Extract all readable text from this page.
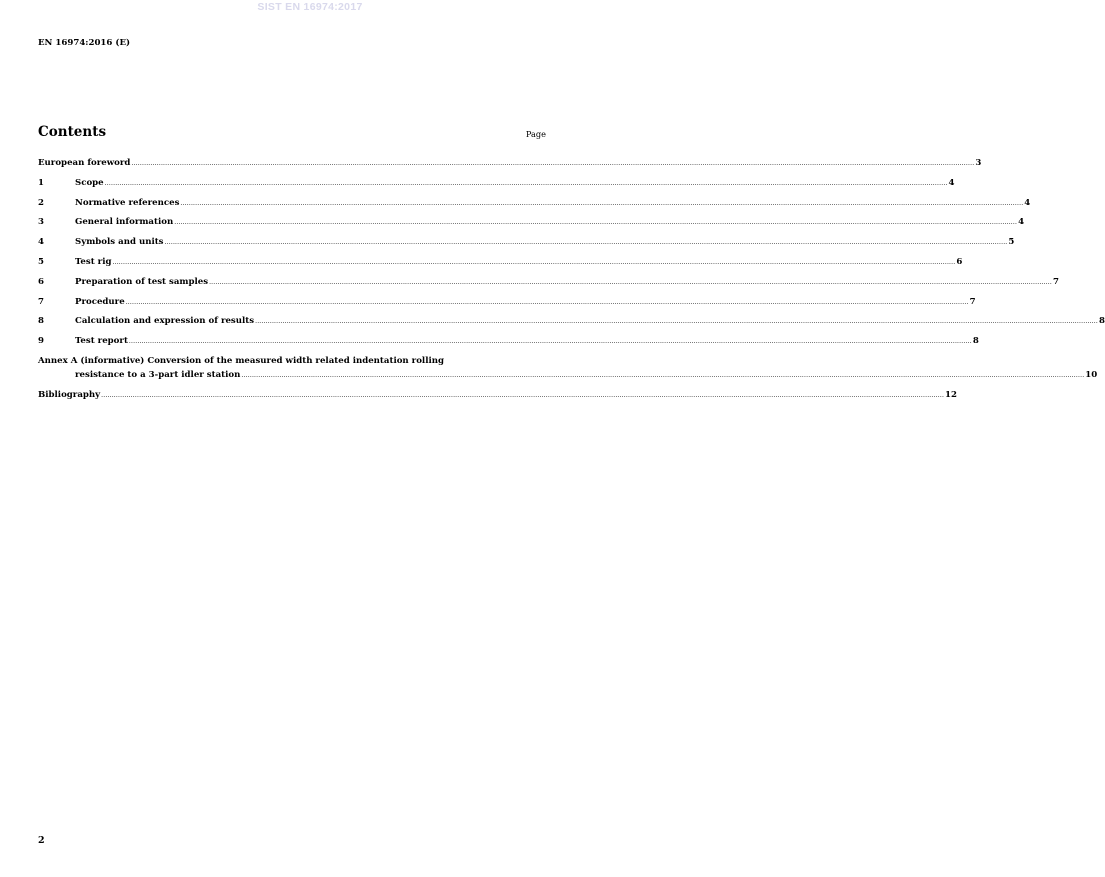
SIST EN 16974:2017
EN 16974:2016 (E)
Contents	Page
European foreword ................................................................................................................................................................................................................................................................................................................................................................................................................ 3
1	Scope ................................................................................................................................................................................................................................................................................................................................................................................................................ 4
2	Normative references ................................................................................................................................................................................................................................................................................................................................................................................................................ 4
3	General information ................................................................................................................................................................................................................................................................................................................................................................................................................ 4
4	Symbols and units ................................................................................................................................................................................................................................................................................................................................................................................................................ 5
5	Test rig ................................................................................................................................................................................................................................................................................................................................................................................................................ 6
6	Preparation of test samples ................................................................................................................................................................................................................................................................................................................................................................................................................ 7
7	Procedure ................................................................................................................................................................................................................................................................................................................................................................................................................ 7
8	Calculation and expression of results ................................................................................................................................................................................................................................................................................................................................................................................................................ 8
9	Test report ................................................................................................................................................................................................................................................................................................................................................................................................................ 8
Annex A (informative) Conversion of the measured width related indentation rolling
resistance to a 3-part idler station ................................................................................................................................................................................................................................................................................................................................................................................................................ 10
Bibliography ................................................................................................................................................................................................................................................................................................................................................................................................................ 12
2
